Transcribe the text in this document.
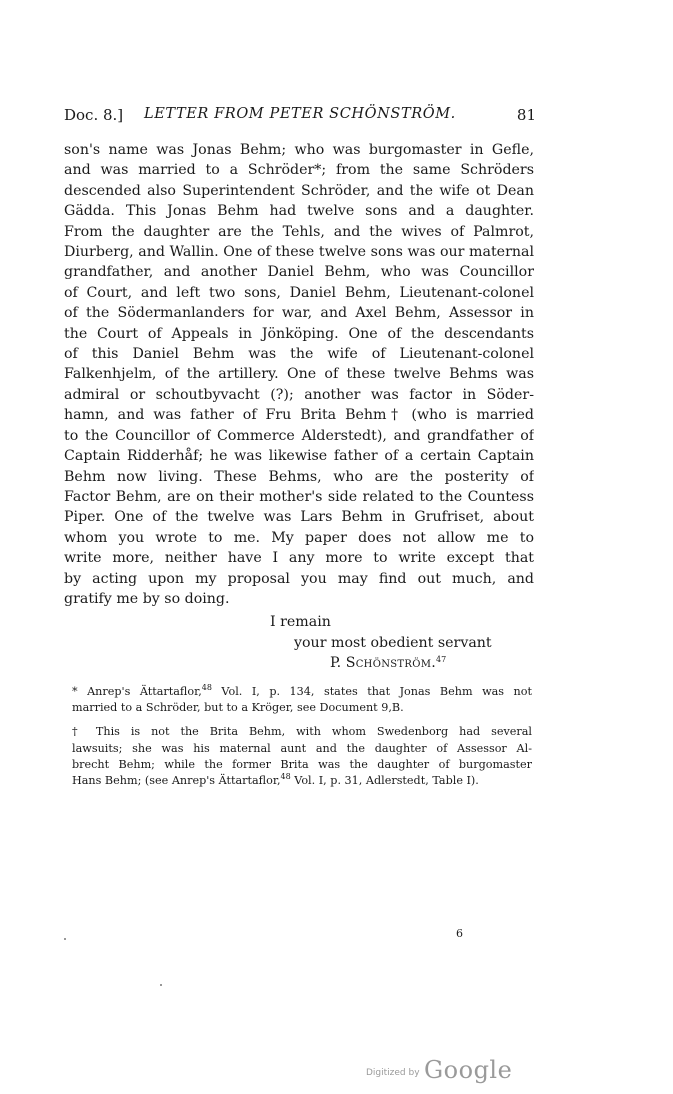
Doc. 8.] LETTER FROM PETER SCHÖNSTRÖM.	81
son's name was Jonas Behm; who was burgomaster in Gefle,
and was married to a Schröder*; from the same Schröders
descended also Superintendent Schröder, and the wife ot Dean
Gädda. This Jonas Behm had twelve sons and a daughter.
From the daughter are the Tehls, and the wives of Palmrot,
Diurberg, and Wallin. One of these twelve sons was our maternal
grandfather, and another Daniel Behm, who was Councillor
of Court, and left two sons, Daniel Behm, Lieutenant-colonel
of the Södermanlanders for war, and Axel Behm, Assessor in
the Court of Appeals in Jönköping. One of the descendants
of this Daniel Behm was the wife of Lieutenant-colonel
Falkenhjelm, of the artillery. One of these twelve Behms was
admiral or schoutbyvacht (?); another was factor in Söder-
hamn, and was father of Fru Brita Behm† (who is married
to the Councillor of Commerce Alderstedt), and grandfather of
Captain Ridderhåf; he was likewise father of a certain Captain
Behm now living. These Behms, who are the posterity of
Factor Behm, are on their mother's side related to the Countess
Piper. One of the twelve was Lars Behm in Grufriset, about
whom you wrote to me. My paper does not allow me to
write more, neither have I any more to write except that
by acting upon my proposal you may find out much, and
gratify me by so doing.
I remain
your most obedient servant
P. Schönström.$^{47}$
* Anrep's Ättartaflor,$^{48}$ Vol. I, p. 134, states that Jonas Behm was not
married to a Schröder, but to a Kröger, see Document 9,B.
† This is not the Brita Behm, with whom Swedenborg had several
lawsuits; she was his maternal aunt and the daughter of Assessor Al-
brecht Behm; while the former Brita was the daughter of burgomaster
Hans Behm; (see Anrep's Ättartaflor,$^{48}$ Vol. I, p. 31, Adlerstedt, Table I).
6
Digitized by Google
